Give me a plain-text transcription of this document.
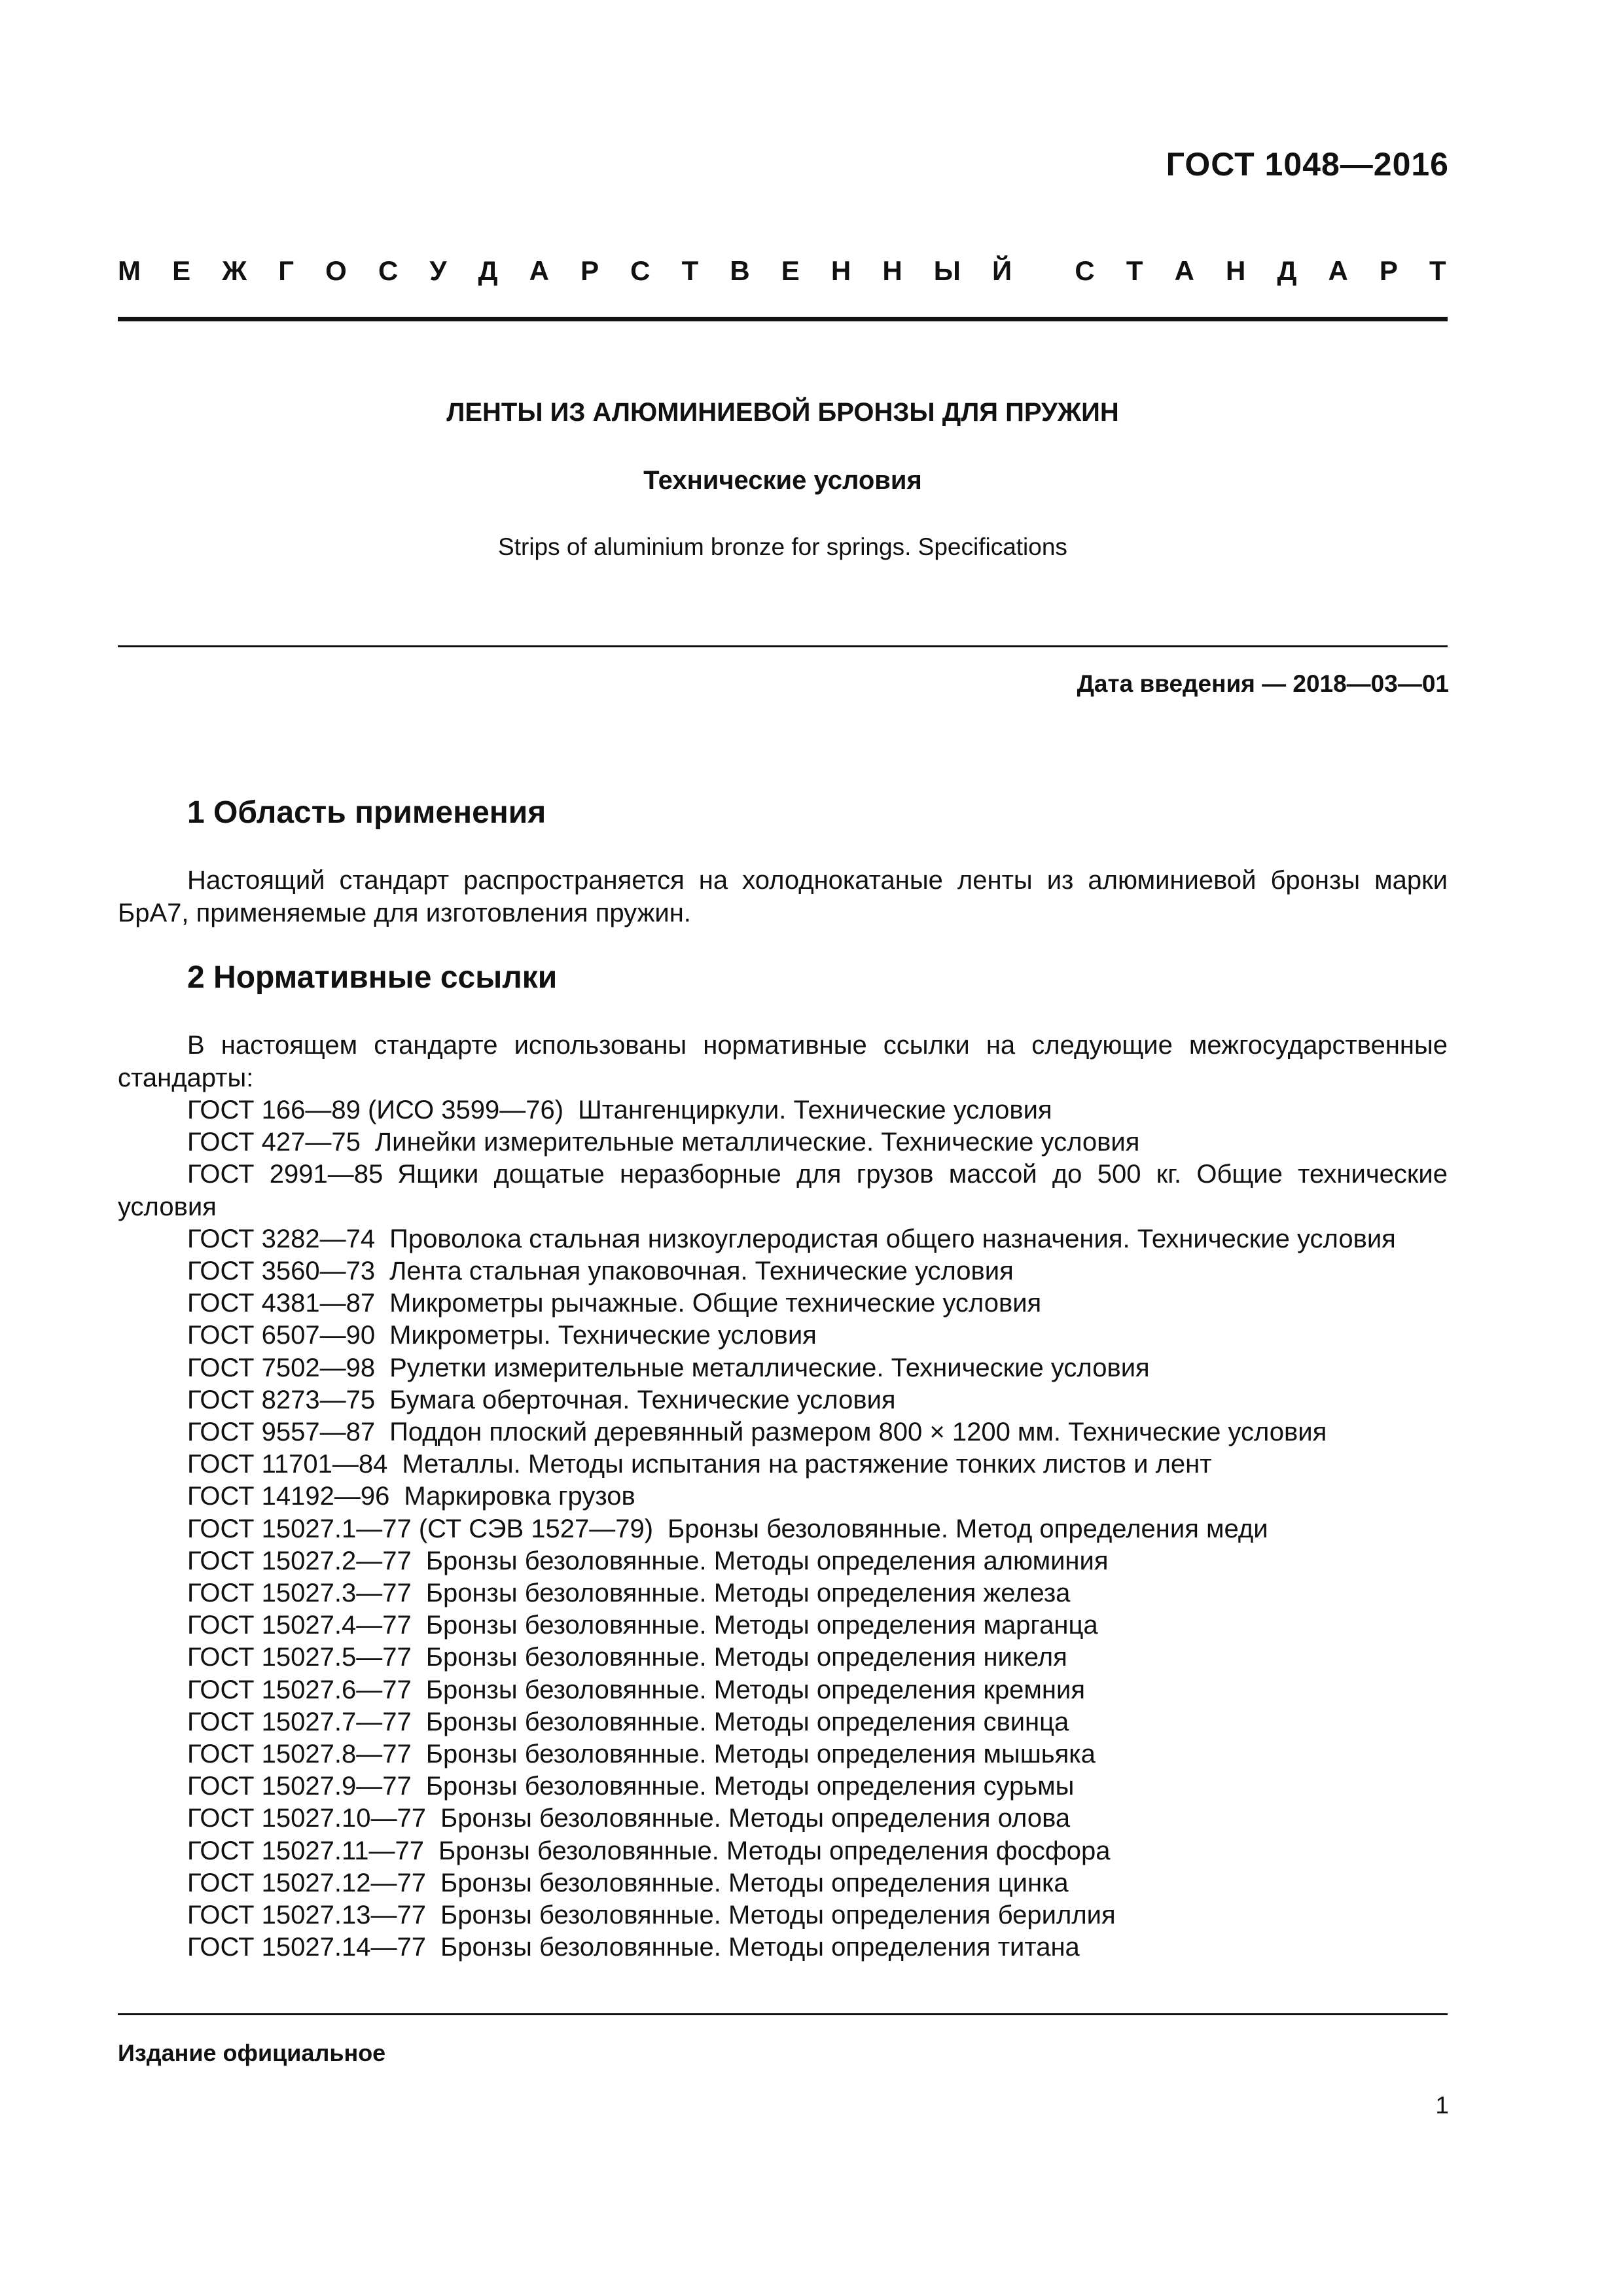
ГОСТ 1048—2016
М Е Ж Г О С У Д А Р С Т В Е Н Н Ы Й С Т А Н Д А Р Т
ЛЕНТЫ ИЗ АЛЮМИНИЕВОЙ БРОНЗЫ ДЛЯ ПРУЖИН
Технические условия
Strips of aluminium bronze for springs. Specifications
Дата введения — 2018—03—01
1 Область применения

Настоящий стандарт распространяется на холоднокатаные ленты из алюминиевой бронзы марки БрА7, применяемые для изготовления пружин.

2 Нормативные ссылки

В настоящем стандарте использованы нормативные ссылки на следующие межгосударственные стандарты:

ГОСТ 166—89 (ИСО 3599—76) Штангенциркули. Технические условия
ГОСТ 427—75 Линейки измерительные металлические. Технические условия
ГОСТ 2991—85 Ящики дощатые неразборные для грузов массой до 500 кг. Общие технические условия
ГОСТ 3282—74 Проволока стальная низкоуглеродистая общего назначения. Технические условия
ГОСТ 3560—73 Лента стальная упаковочная. Технические условия
ГОСТ 4381—87 Микрометры рычажные. Общие технические условия
ГОСТ 6507—90 Микрометры. Технические условия
ГОСТ 7502—98 Рулетки измерительные металлические. Технические условия
ГОСТ 8273—75 Бумага оберточная. Технические условия
ГОСТ 9557—87 Поддон плоский деревянный размером 800 × 1200 мм. Технические условия
ГОСТ 11701—84 Металлы. Методы испытания на растяжение тонких листов и лент
ГОСТ 14192—96 Маркировка грузов
ГОСТ 15027.1—77 (СТ СЭВ 1527—79) Бронзы безоловянные. Метод определения меди
ГОСТ 15027.2—77 Бронзы безоловянные. Методы определения алюминия
ГОСТ 15027.3—77 Бронзы безоловянные. Методы определения железа
ГОСТ 15027.4—77 Бронзы безоловянные. Методы определения марганца
ГОСТ 15027.5—77 Бронзы безоловянные. Методы определения никеля
ГОСТ 15027.6—77 Бронзы безоловянные. Методы определения кремния
ГОСТ 15027.7—77 Бронзы безоловянные. Методы определения свинца
ГОСТ 15027.8—77 Бронзы безоловянные. Методы определения мышьяка
ГОСТ 15027.9—77 Бронзы безоловянные. Методы определения сурьмы
ГОСТ 15027.10—77 Бронзы безоловянные. Методы определения олова
ГОСТ 15027.11—77 Бронзы безоловянные. Методы определения фосфора
ГОСТ 15027.12—77 Бронзы безоловянные. Методы определения цинка
ГОСТ 15027.13—77 Бронзы безоловянные. Методы определения бериллия
ГОСТ 15027.14—77 Бронзы безоловянные. Методы определения титана
Издание официальное
1
